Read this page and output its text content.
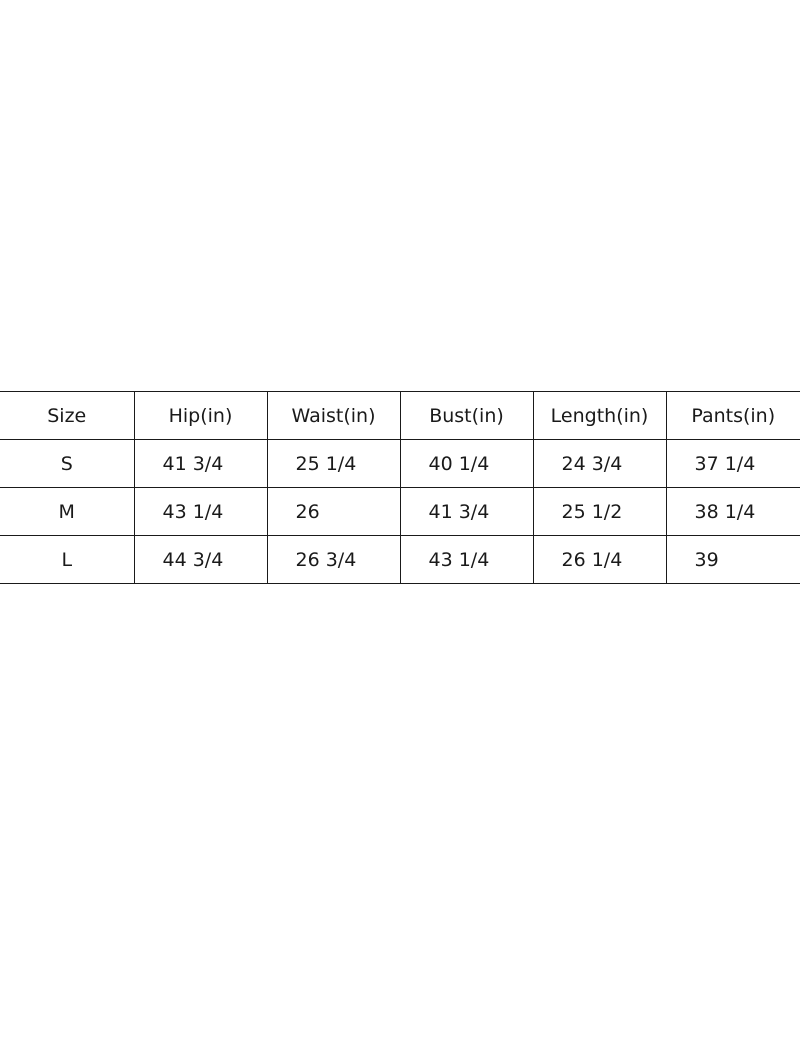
Size	Hip(in)	Waist(in)	Bust(in)	Length(in)	Pants(in)
S	41 3/4	25 1/4	40 1/4	24 3/4	37 1/4
M	43 1/4	26	41 3/4	25 1/2	38 1/4
L	44 3/4	26 3/4	43 1/4	26 1/4	39
